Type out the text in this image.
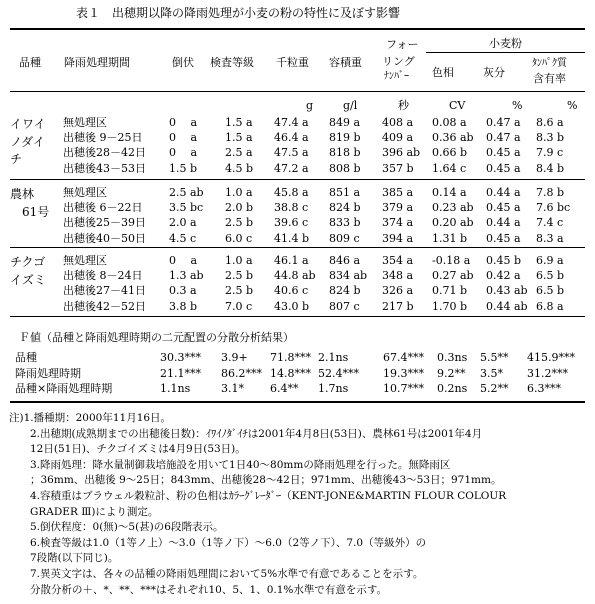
表１　出穂期以降の降雨処理が小麦の粉の特性に及ぼす影響
品種 降雨処理期間	倒伏 検査等級 千粒重 容積重
フォー
リング
ﾅﾝﾊﾞｰ
小麦粉
色相	灰分
ﾀﾝﾊﾟｸ質
含有率
g	g/l	秒	CV	%	%
イワイ
ノダイ
チ
無処理区	0　 a	1.5 a 47.4 a 849 a 408 a 0.08 a 0.47 a 8.6 a
出穂後 9－25日 0　 a	1.5 a 46.4 a 819 b 409 a 0.36 ab 0.47 a 8.3 b
出穂後28－42日 0　 a	2.5 a 47.5 a 818 b 396 ab 0.66 b 0.45 a 7.9 c
出穂後43－53日 1.5 b	4.5 b 47.2 a 808 b 357 b 1.64 c 0.45 a 8.4 b
農林
　61号
無処理区	2.5 ab 1.0 a 45.8 a 851 a 385 a 0.14 a 0.44 a 7.8 b
出穂後 6－22日 3.5 bc 2.0 b 38.8 c 824 b 379 a 0.23 ab 0.45 a 7.6 bc
出穂後25－39日 2.0 a	2.5 b 39.6 c 833 b 374 a 0.20 ab 0.44 a 7.4 c
出穂後40－50日 4.5 c	6.0 c 41.4 b 809 c 394 a 1.31 b 0.45 a 8.3 a
チクゴ
イズミ
無処理区	0　 a	1.0 a 46.1 a 846 a 354 a -0.18 a 0.45 b 6.9 a
出穂後 8－24日 1.3 ab 2.5 b 44.8 ab 834 ab 348 a 0.27 ab 0.42 a 6.5 b
出穂後27－41日 0.3 a	2.5 b 40.6 c 824 b 326 a 0.71 b 0.43 ab 6.5 b
出穂後42－52日 3.8 b	7.0 c 43.0 b 807 c 217 b 1.70 b 0.44 ab 6.8 a
Ｆ値（品種と降雨処理時期の二元配置の分散分析結果）
品種	30.3*** 3.9+ 71.8*** 2.1ns	67.4*** 0.3ns 5.5** 415.9***
降雨処理時期	21.1*** 86.2*** 14.8*** 52.4*** 19.3*** 9.2** 3.5* 31.2***
品種×降雨処理時期	1.1ns	3.1* 6.4** 1.7ns	10.7*** 0.2ns 5.2** 6.3***
注)1.播種期：2000年11月16日。
2.出穂期(成熟期までの出穂後日数)：ｲﾜｲﾉﾀﾞｲﾁは2001年4月8日(53日)、農林61号は2001年4月
12日(51日)、チクゴイズミは4月9日(53日)。
3.降雨処理：降水量制御栽培施設を用いて1日40～80mmの降雨処理を行った。無降雨区
；36mm、出穂後 9～25日；843mm、出穂後28～42日；971mm、出穂後43～53日；971mm。
4.容積重はブラウェル穀粒計、粉の色相はｶﾗｰｸﾞﾚｰﾀﾞｰ（KENT-JONE&MARTIN FLOUR COLOUR
GRADER Ⅲ)により測定。
5.倒伏程度：0(無)～5(甚)の6段階表示。
6.検査等級は1.0（1等ノ上）～3.0（1等ノ下）～6.0（2等ノ下）、7.0（等級外）の
7段階(以下同じ)。
7.異英文字は、各々の品種の降雨処理間において5%水準で有意であることを示す。
分散分析の＋、*、**、***はそれぞれ10、5、1、0.1%水準で有意を示す。
